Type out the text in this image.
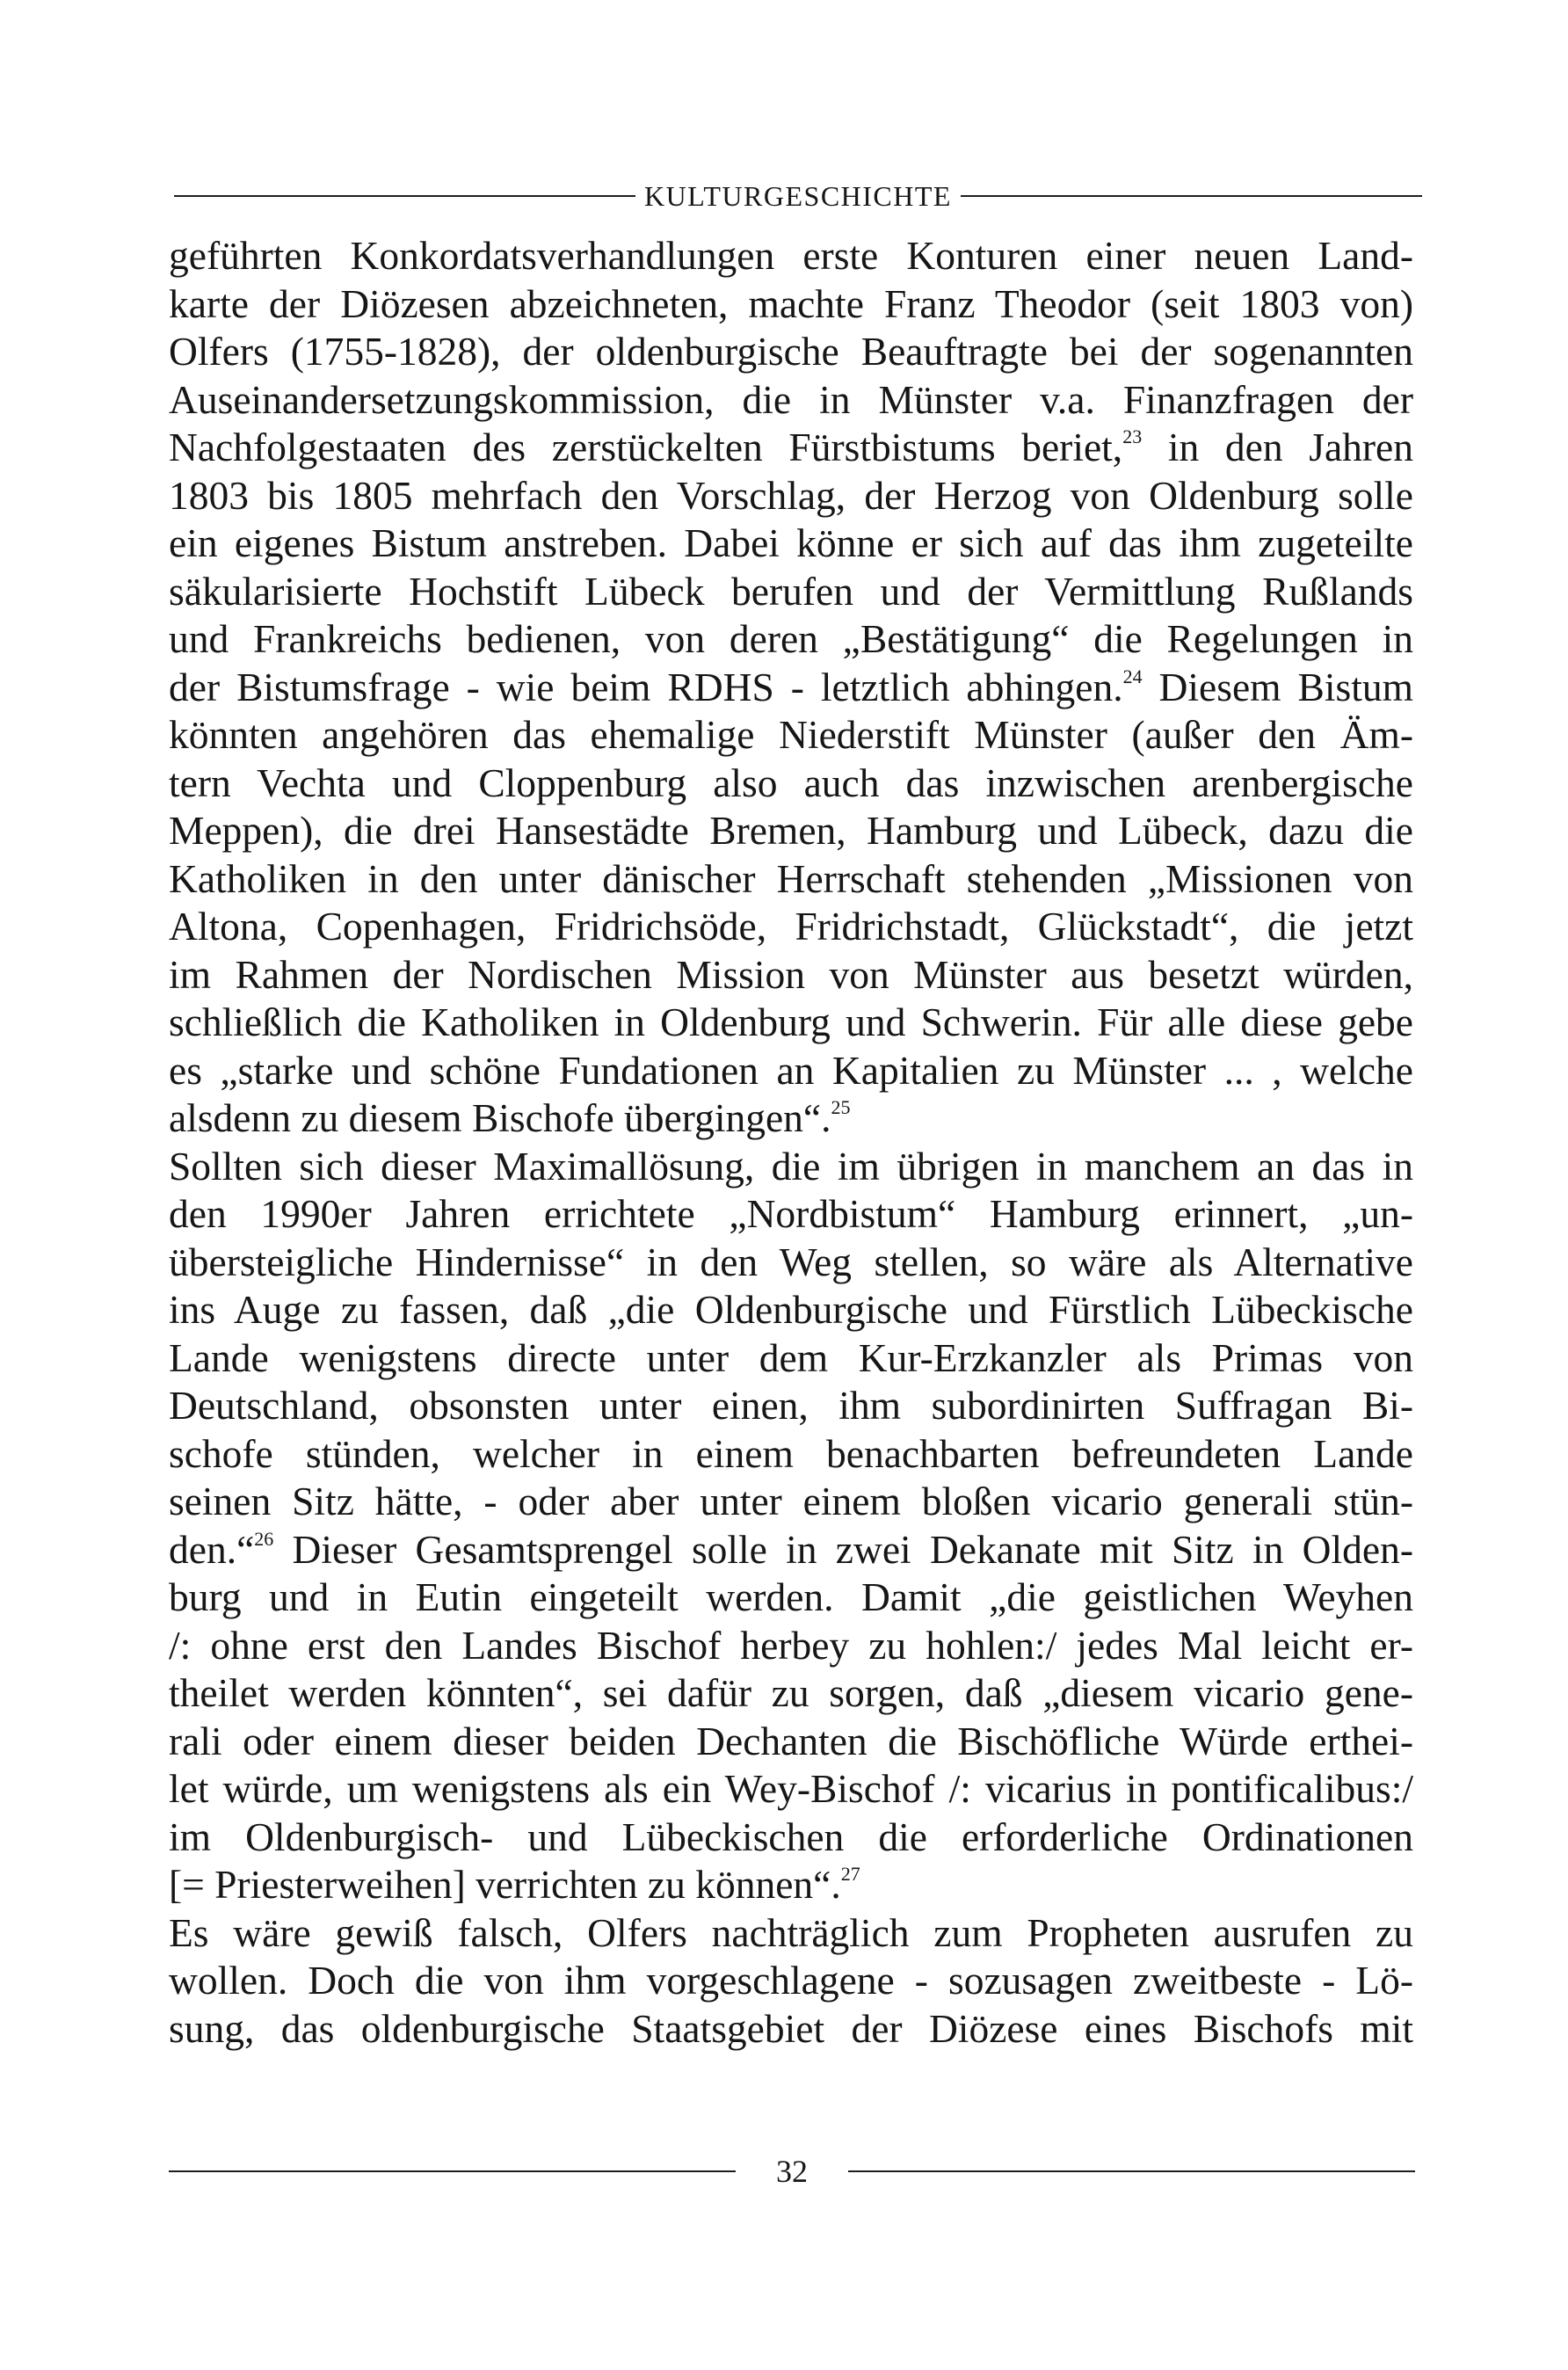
KULTURGESCHICHTE
geführten Konkordatsverhandlungen erste Konturen einer neuen Land-
karte der Diözesen abzeichneten, machte Franz Theodor (seit 1803 von)
Olfers (1755-1828), der oldenburgische Beauftragte bei der sogenannten
Auseinandersetzungskommission, die in Münster v.a. Finanzfragen der
Nachfolgestaaten des zerstückelten Fürstbistums beriet,$^{23}$ in den Jahren
1803 bis 1805 mehrfach den Vorschlag, der Herzog von Oldenburg solle
ein eigenes Bistum anstreben. Dabei könne er sich auf das ihm zugeteilte
säkularisierte Hochstift Lübeck berufen und der Vermittlung Rußlands
und Frankreichs bedienen, von deren „Bestätigung“ die Regelungen in
der Bistumsfrage - wie beim RDHS - letztlich abhingen.$^{24}$ Diesem Bistum
könnten angehören das ehemalige Niederstift Münster (außer den Äm-
tern Vechta und Cloppenburg also auch das inzwischen arenbergische
Meppen), die drei Hansestädte Bremen, Hamburg und Lübeck, dazu die
Katholiken in den unter dänischer Herrschaft stehenden „Missionen von
Altona, Copenhagen, Fridrichsöde, Fridrichstadt, Glückstadt“, die jetzt
im Rahmen der Nordischen Mission von Münster aus besetzt würden,
schließlich die Katholiken in Oldenburg und Schwerin. Für alle diese gebe
es „starke und schöne Fundationen an Kapitalien zu Münster ... , welche
alsdenn zu diesem Bischofe übergingen“.$^{25}$
Sollten sich dieser Maximallösung, die im übrigen in manchem an das in
den 1990er Jahren errichtete „Nordbistum“ Hamburg erinnert, „un-
übersteigliche Hindernisse“ in den Weg stellen, so wäre als Alternative
ins Auge zu fassen, daß „die Oldenburgische und Fürstlich Lübeckische
Lande wenigstens directe unter dem Kur-Erzkanzler als Primas von
Deutschland, obsonsten unter einen, ihm subordinirten Suffragan Bi-
schofe stünden, welcher in einem benachbarten befreundeten Lande
seinen Sitz hätte, - oder aber unter einem bloßen vicario generali stün-
den.“$^{26}$ Dieser Gesamtsprengel solle in zwei Dekanate mit Sitz in Olden-
burg und in Eutin eingeteilt werden. Damit „die geistlichen Weyhen
/: ohne erst den Landes Bischof herbey zu hohlen:/ jedes Mal leicht er-
theilet werden könnten“, sei dafür zu sorgen, daß „diesem vicario gene-
rali oder einem dieser beiden Dechanten die Bischöfliche Würde erthei-
let würde, um wenigstens als ein Wey-Bischof /: vicarius in pontificalibus:/
im Oldenburgisch- und Lübeckischen die erforderliche Ordinationen
[= Priesterweihen] verrichten zu können“.$^{27}$
Es wäre gewiß falsch, Olfers nachträglich zum Propheten ausrufen zu
wollen. Doch die von ihm vorgeschlagene - sozusagen zweitbeste - Lö-
sung, das oldenburgische Staatsgebiet der Diözese eines Bischofs mit
32
